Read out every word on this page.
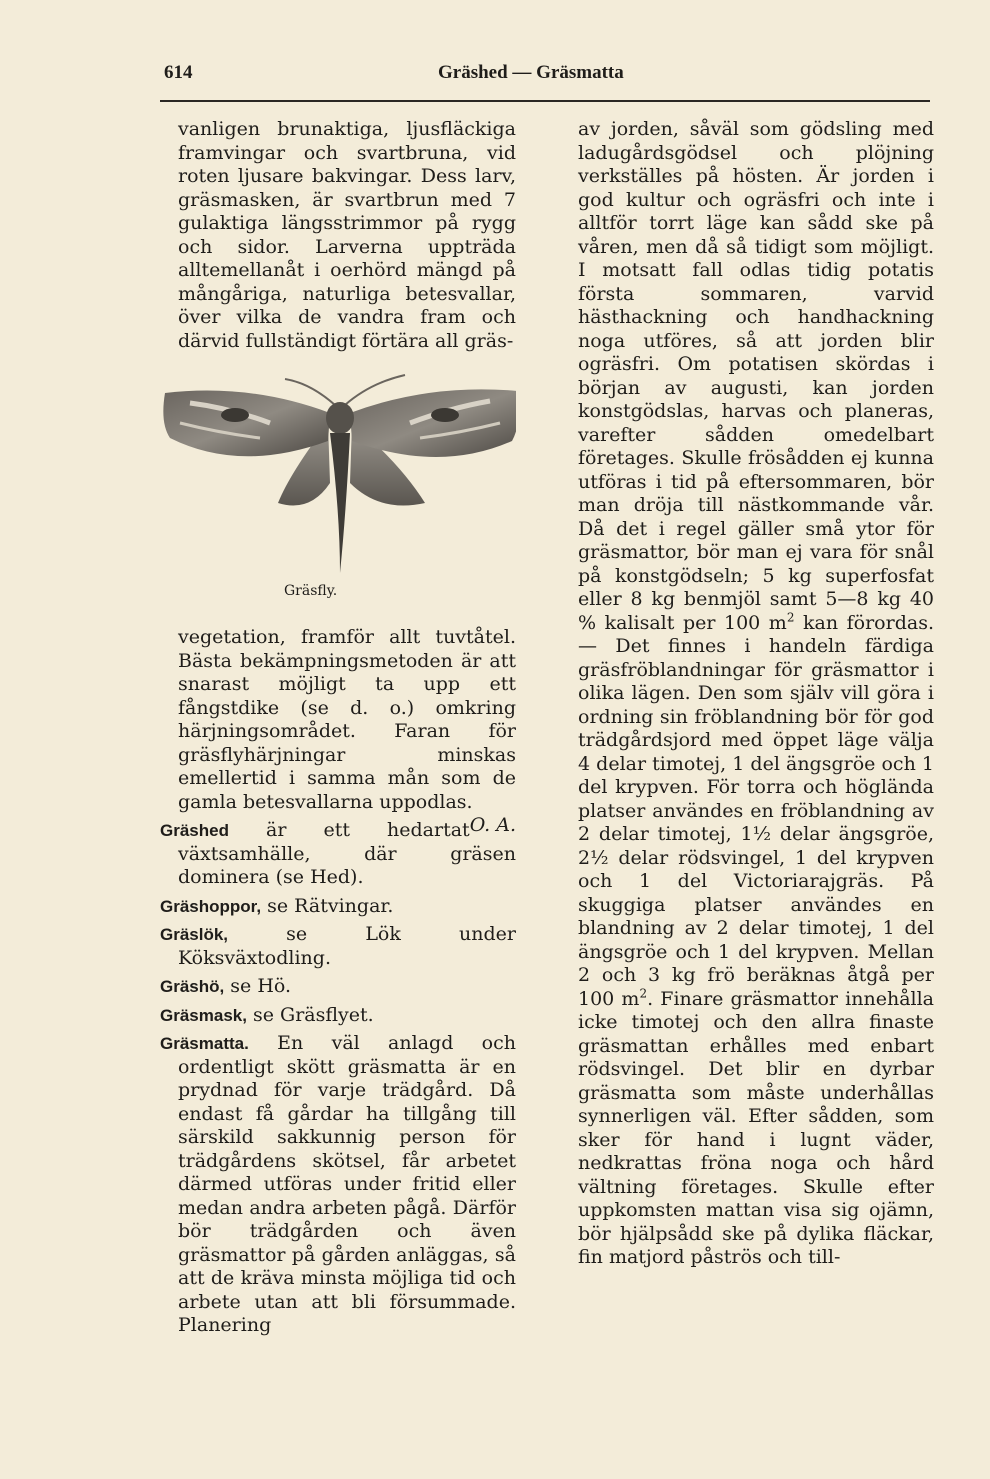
614	Gräshed — Gräsmatta

vanligen brunaktiga, ljusfläckiga framvingar och svartbruna, vid roten ljusare bakvingar. Dess larv, gräsmasken, är svartbrun med 7 gulaktiga längsstrimmor på rygg och sidor. Larverna uppträda alltemellanåt i oerhörd mängd på mångåriga, naturliga betesvallar, över vilka de vandra fram och därvid fullständigt förtära all gräs-

Gräsfly.

vegetation, framför allt tuvtåtel. Bästa bekämpningsmetoden är att snarast möjligt ta upp ett fångstdike (se d. o.) omkring härjningsområdet. Faran för gräsflyhärjningar minskas emellertid i samma mån som de gamla betesvallarna uppodlas.
O. A.

Gräshed är ett hedartat växtsamhälle, där gräsen dominera (se Hed).

Gräshoppor, se Rätvingar.

Gräslök, se Lök under Köksväxtodling.

Gräshö, se Hö.

Gräsmask, se Gräsflyet.

Gräsmatta. En väl anlagd och ordentligt skött gräsmatta är en prydnad för varje trädgård. Då endast få gårdar ha tillgång till särskild sakkunnig person för trädgårdens skötsel, får arbetet därmed utföras under fritid eller medan andra arbeten pågå. Därför bör trädgården och även gräsmattor på gården anläggas, så att de kräva minsta möjliga tid och arbete utan att bli försummade. Planering

av jorden, såväl som gödsling med ladugårdsgödsel och plöjning verkställes på hösten. Är jorden i god kultur och ogräsfri och inte i alltför torrt läge kan sådd ske på våren, men då så tidigt som möjligt. I motsatt fall odlas tidig potatis första sommaren, varvid hästhackning och handhackning noga utföres, så att jorden blir ogräsfri. Om potatisen skördas i början av augusti, kan jorden konstgödslas, harvas och planeras, varefter sådden omedelbart företages. Skulle frösådden ej kunna utföras i tid på eftersommaren, bör man dröja till nästkommande vår. Då det i regel gäller små ytor för gräsmattor, bör man ej vara för snål på konstgödseln; 5 kg superfosfat eller 8 kg benmjöl samt 5—8 kg 40 % kalisalt per 100 $m^2$ kan förordas. — Det finnes i handeln färdiga gräsfröblandningar för gräsmattor i olika lägen. Den som själv vill göra i ordning sin fröblandning bör för god trädgårdsjord med öppet läge välja 4 delar timotej, 1 del ängsgröe och 1 del krypven. För torra och höglända platser användes en fröblandning av 2 delar timotej, 1½ delar ängsgröe, 2½ delar rödsvingel, 1 del krypven och 1 del Victoriarajgräs. På skuggiga platser användes en blandning av 2 delar timotej, 1 del ängsgröe och 1 del krypven. Mellan 2 och 3 kg frö beräknas åtgå per 100 $m^2$. Finare gräsmattor innehålla icke timotej och den allra finaste gräsmattan erhålles med enbart rödsvingel. Det blir en dyrbar gräsmatta som måste underhållas synnerligen väl. Efter sådden, som sker för hand i lugnt väder, nedkrattas fröna noga och hård vältning företages. Skulle efter uppkomsten mattan visa sig ojämn, bör hjälpsådd ske på dylika fläckar, fin matjord påströs och till-
